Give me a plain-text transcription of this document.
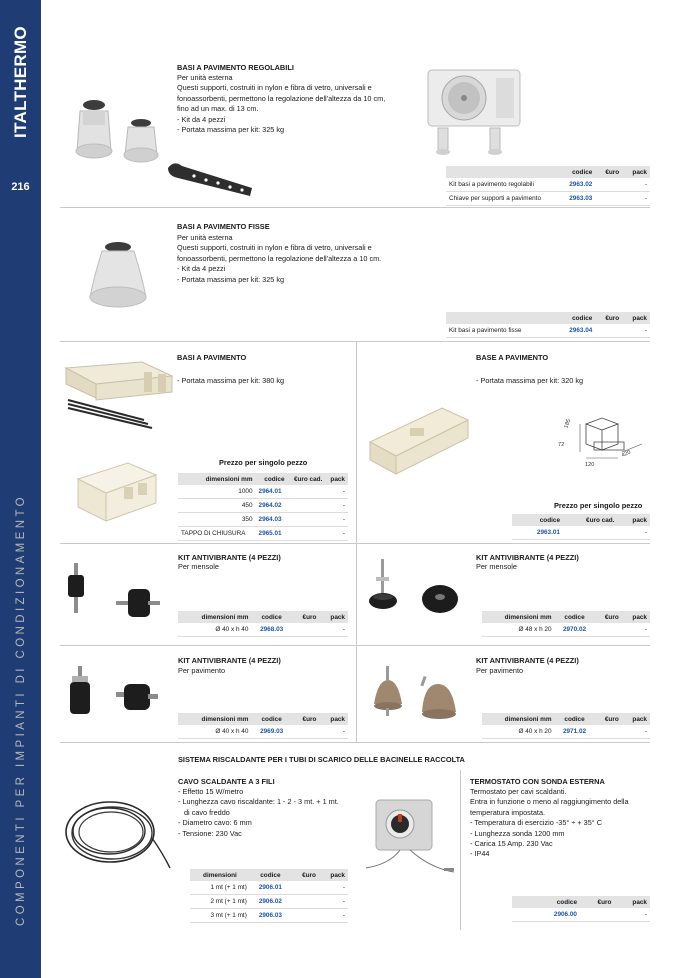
ITALTHERMO
216
COMPONENTI PER IMPIANTI DI CONDIZIONAMENTO
BASI A PAVIMENTO REGOLABILI
Per unità esterna
Questi supporti, costruiti in nylon e fibra di vetro, universali e
fonoassorbenti, permettono la regolazione dell'altezza da 10 cm,
fino ad un max. di 13 cm.
- Kit da 4 pezzi
- Portata massima per kit: 325 kg
	codice	€uro	pack
Kit basi a pavimento regolabili	2963.02		-
Chiave per supporti a pavimento	2963.03		-
BASI A PAVIMENTO FISSE
Per unità esterna
Questi supporti, costruiti in nylon e fibra di vetro, universali e
fonoassorbenti, permettono la regolazione dell'altezza a 10 cm.
- Kit da 4 pezzi
- Portata massima per kit: 325 kg
	codice	€uro	pack
Kit basi a pavimento fisse	2963.04		-
BASI A PAVIMENTO
- Portata massima per kit: 380 kg
Prezzo per singolo pezzo
dimensioni mm	codice	€uro cad.	pack
1000	2964.01		-
450	2964.02		-
350	2964.03		-
TAPPO DI CHIUSURA	2965.01		-
BASE A PAVIMENTO
- Portata massima per kit: 320 kg
185
72
120
420
Prezzo per singolo pezzo
codice	€uro cad.	pack
2963.01		-
KIT ANTIVIBRANTE (4 PEZZI)
Per mensole
dimensioni mm	codice	€uro	pack
Ø 40 x h 40	2968.03		-
KIT ANTIVIBRANTE (4 PEZZI)
Per mensole
dimensioni mm	codice	€uro	pack
Ø 48 x h 20	2970.02		-
KIT ANTIVIBRANTE (4 PEZZI)
Per pavimento
dimensioni mm	codice	€uro	pack
Ø 40 x h 40	2969.03		-
KIT ANTIVIBRANTE (4 PEZZI)
Per pavimento
dimensioni mm	codice	€uro	pack
Ø 40 x h 20	2971.02		-
SISTEMA RISCALDANTE PER I TUBI DI SCARICO DELLE BACINELLE RACCOLTA
CAVO SCALDANTE A 3 FILI
- Effetto 15 W/metro
- Lunghezza cavo riscaldante: 1 - 2 - 3 mt. + 1 mt.
di cavo freddo
- Diametro cavo: 6 mm
- Tensione: 230 Vac
dimensioni	codice	€uro	pack
1 mt (+ 1 mt)	2906.01		-
2 mt (+ 1 mt)	2906.02		-
3 mt (+ 1 mt)	2906.03		-
TERMOSTATO CON SONDA ESTERNA
Termostato per cavi scaldanti.
Entra in funzione o meno al raggiungimento della
temperatura impostata.
- Temperatura di esercizio -35° ÷ + 35° C
- Lunghezza sonda 1200 mm
- Carica 15 Amp. 230 Vac
- IP44
codice	€uro	pack
2906.00		-
